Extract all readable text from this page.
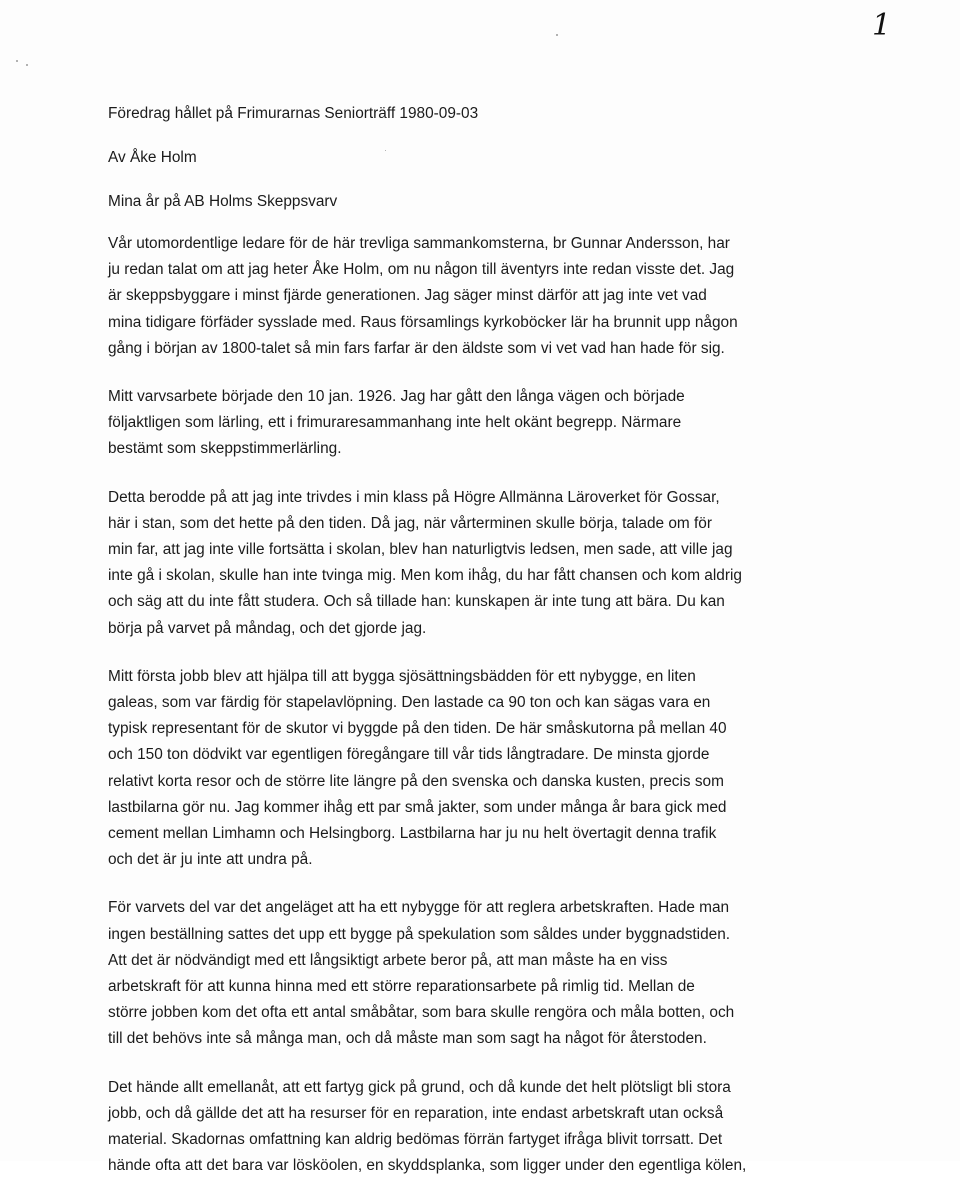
1

Föredrag hållet på Frimurarnas Seniorträff 1980-09-03

Av Åke Holm

Mina år på AB Holms Skeppsvarv

Vår utomordentlige ledare för de här trevliga sammankomsterna, br Gunnar Andersson, har
ju redan talat om att jag heter Åke Holm, om nu någon till äventyrs inte redan visste det. Jag
är skeppsbyggare i minst fjärde generationen. Jag säger minst därför att jag inte vet vad
mina tidigare förfäder sysslade med. Raus församlings kyrkoböcker lär ha brunnit upp någon
gång i början av 1800-talet så min fars farfar är den äldste som vi vet vad han hade för sig.
Mitt varvsarbete började den 10 jan. 1926. Jag har gått den långa vägen och började
följaktligen som lärling, ett i frimuraresammanhang inte helt okänt begrepp. Närmare
bestämt som skeppstimmerlärling.
Detta berodde på att jag inte trivdes i min klass på Högre Allmänna Läroverket för Gossar,
här i stan, som det hette på den tiden. Då jag, när vårterminen skulle börja, talade om för
min far, att jag inte ville fortsätta i skolan, blev han naturligtvis ledsen, men sade, att ville jag
inte gå i skolan, skulle han inte tvinga mig. Men kom ihåg, du har fått chansen och kom aldrig
och säg att du inte fått studera. Och så tillade han: kunskapen är inte tung att bära. Du kan
börja på varvet på måndag, och det gjorde jag.
Mitt första jobb blev att hjälpa till att bygga sjösättningsbädden för ett nybygge, en liten
galeas, som var färdig för stapelavlöpning. Den lastade ca 90 ton och kan sägas vara en
typisk representant för de skutor vi byggde på den tiden. De här småskutorna på mellan 40
och 150 ton dödvikt var egentligen föregångare till vår tids långtradare. De minsta gjorde
relativt korta resor och de större lite längre på den svenska och danska kusten, precis som
lastbilarna gör nu. Jag kommer ihåg ett par små jakter, som under många år bara gick med
cement mellan Limhamn och Helsingborg. Lastbilarna har ju nu helt övertagit denna trafik
och det är ju inte att undra på.
För varvets del var det angeläget att ha ett nybygge för att reglera arbetskraften. Hade man
ingen beställning sattes det upp ett bygge på spekulation som såldes under byggnadstiden.
Att det är nödvändigt med ett långsiktigt arbete beror på, att man måste ha en viss
arbetskraft för att kunna hinna med ett större reparationsarbete på rimlig tid. Mellan de
större jobben kom det ofta ett antal småbåtar, som bara skulle rengöra och måla botten, och
till det behövs inte så många man, och då måste man som sagt ha något för återstoden.
Det hände allt emellanåt, att ett fartyg gick på grund, och då kunde det helt plötsligt bli stora
jobb, och då gällde det att ha resurser för en reparation, inte endast arbetskraft utan också
material. Skadornas omfattning kan aldrig bedömas förrän fartyget ifråga blivit torrsatt. Det
hände ofta att det bara var lösköolen, en skyddsplanka, som ligger under den egentliga kölen,
